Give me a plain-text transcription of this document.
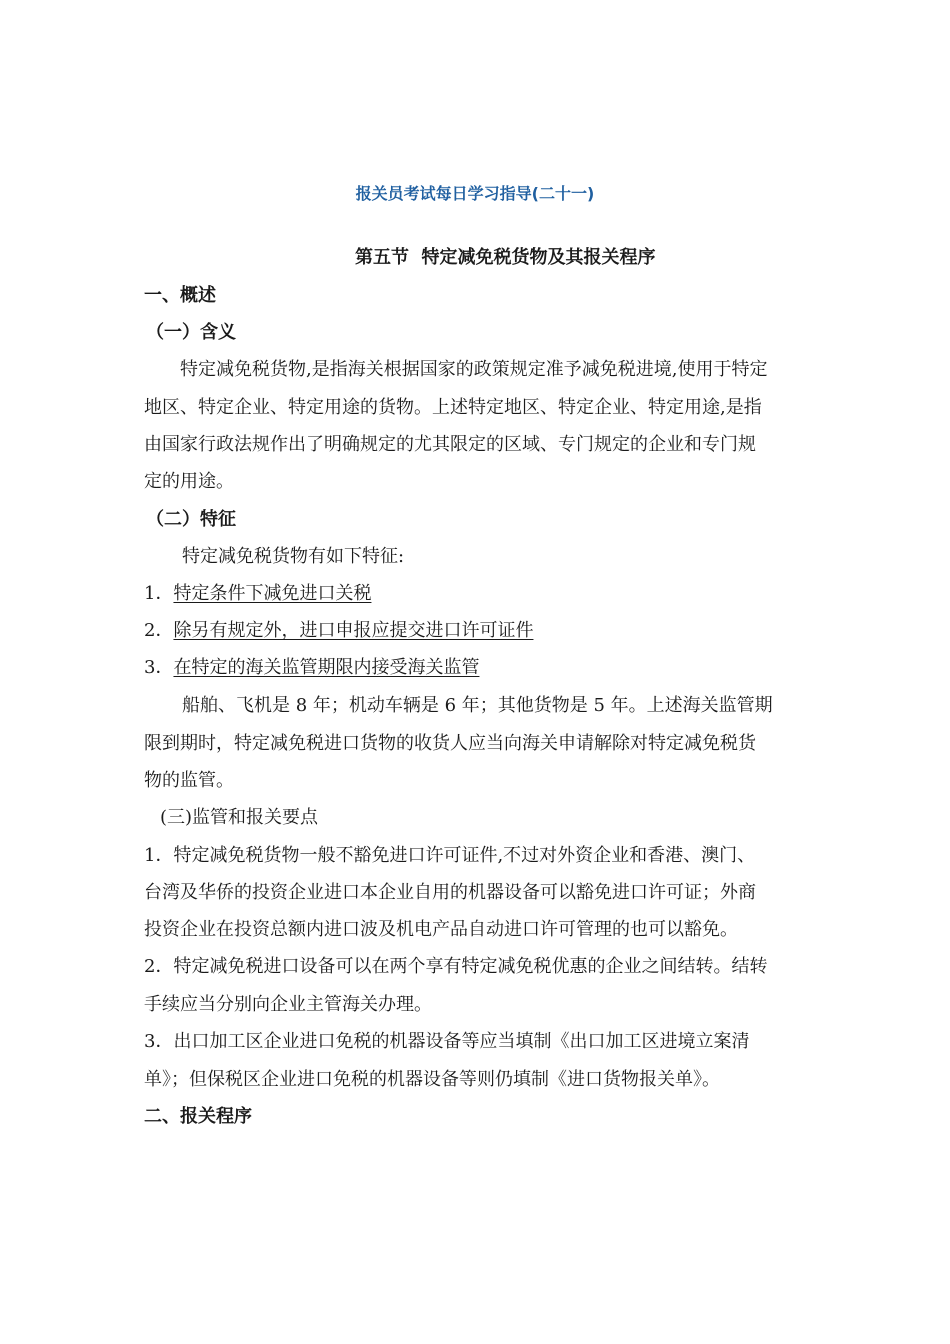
报关员考试每日学习指导(二十一)
第五节  特定减免税货物及其报关程序
一、概述
（一）含义
特定减免税货物,是指海关根据国家的政策规定准予减免税进境,使用于特定
地区、特定企业、特定用途的货物。上述特定地区、特定企业、特定用途,是指
由国家行政法规作出了明确规定的尤其限定的区域、专门规定的企业和专门规
定的用途。
（二）特征
特定减免税货物有如下特征:
1．特定条件下减免进口关税
2．除另有规定外，进口申报应提交进口许可证件
3．在特定的海关监管期限内接受海关监管
船舶、飞机是 8 年；机动车辆是 6 年；其他货物是 5 年。上述海关监管期
限到期时，特定减免税进口货物的收货人应当向海关申请解除对特定减免税货
物的监管。
(三)监管和报关要点
1．特定减免税货物一般不豁免进口许可证件,不过对外资企业和香港、澳门、
台湾及华侨的投资企业进口本企业自用的机器设备可以豁免进口许可证；外商
投资企业在投资总额内进口波及机电产品自动进口许可管理的也可以豁免。
2．特定减免税进口设备可以在两个享有特定减免税优惠的企业之间结转。结转
手续应当分别向企业主管海关办理。
3．出口加工区企业进口免税的机器设备等应当填制《出口加工区进境立案清
单》；但保税区企业进口免税的机器设备等则仍填制《进口货物报关单》。
二、报关程序
